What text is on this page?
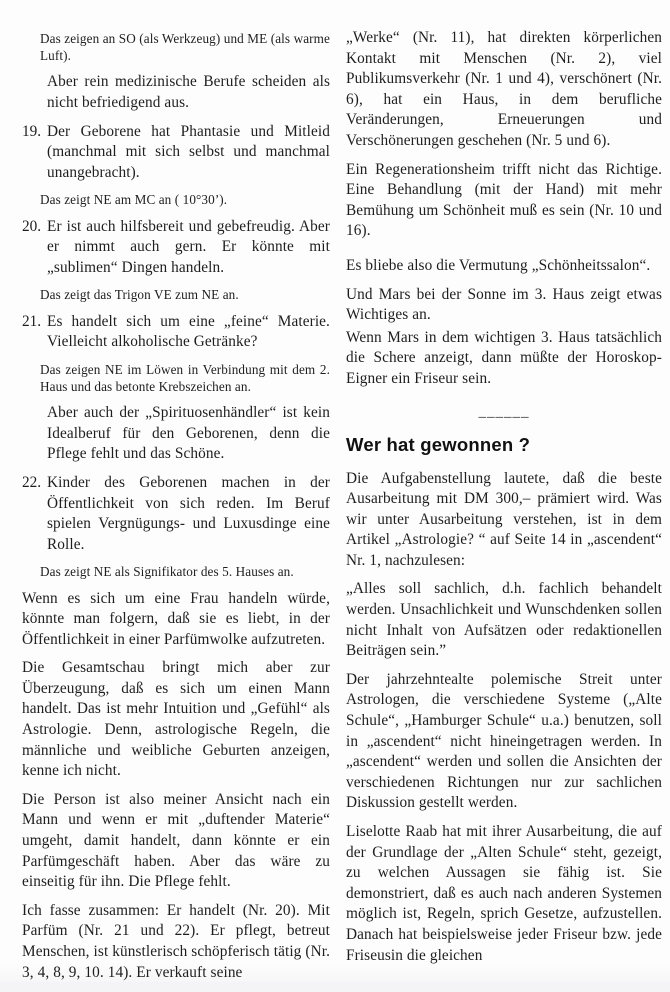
Das zeigen an SO (als Werkzeug) und ME (als warme Luft).
Aber rein medizinische Berufe scheiden als nicht befriedigend aus.
19. Der Geborene hat Phantasie und Mitleid (manchmal mit sich selbst und manchmal unangebracht).
Das zeigt NE am MC an ( 10°30’).
20. Er ist auch hilfsbereit und gebefreudig. Aber er nimmt auch gern. Er könnte mit „sublimen“ Dingen handeln.
Das zeigt das Trigon VE zum NE an.
21. Es handelt sich um eine „feine“ Materie. Vielleicht alkoholische Getränke?
Das zeigen NE im Löwen in Verbindung mit dem 2. Haus und das betonte Krebszeichen an.
Aber auch der „Spirituosenhändler“ ist kein Idealberuf für den Geborenen, denn die Pflege fehlt und das Schöne.
22. Kinder des Geborenen machen in der Öffentlichkeit von sich reden. Im Beruf spielen Vergnügungs- und Luxusdinge eine Rolle.
Das zeigt NE als Signifikator des 5. Hauses an.
Wenn es sich um eine Frau handeln würde, könnte man folgern, daß sie es liebt, in der Öffentlichkeit in einer Parfümwolke aufzutreten.
Die Gesamtschau bringt mich aber zur Überzeugung, daß es sich um einen Mann handelt. Das ist mehr Intuition und „Gefühl“ als Astrologie. Denn, astrologische Regeln, die männliche und weibliche Geburten anzeigen, kenne ich nicht.
Die Person ist also meiner Ansicht nach ein Mann und wenn er mit „duftender Materie“ umgeht, damit handelt, dann könnte er ein Parfümgeschäft haben. Aber das wäre zu einseitig für ihn. Die Pflege fehlt.
Ich fasse zusammen: Er handelt (Nr. 20). Mit Parfüm (Nr. 21 und 22). Er pflegt, betreut Menschen, ist künstlerisch schöpferisch tätig (Nr. 3, 4, 8, 9, 10. 14). Er verkauft seine
„Werke“ (Nr. 11), hat direkten körperlichen Kontakt mit Menschen (Nr. 2), viel Publikumsverkehr (Nr. 1 und 4), verschönert (Nr. 6), hat ein Haus, in dem berufliche Veränderungen, Erneuerungen und Verschönerungen geschehen (Nr. 5 und 6).
Ein Regenerationsheim trifft nicht das Richtige. Eine Behandlung (mit der Hand) mit mehr Bemühung um Schönheit muß es sein (Nr. 10 und 16).
Es bliebe also die Vermutung „Schönheitssalon“.
Und Mars bei der Sonne im 3. Haus zeigt etwas Wichtiges an.
Wenn Mars in dem wichtigen 3. Haus tatsächlich die Schere anzeigt, dann müßte der Horoskop-Eigner ein Friseur sein.
––––––
Wer hat gewonnen ?
Die Aufgabenstellung lautete, daß die beste Ausarbeitung mit DM 300,– prämiert wird. Was wir unter Ausarbeitung verstehen, ist in dem Artikel „Astrologie? “ auf Seite 14 in „ascendent“ Nr. 1, nachzulesen:
„Alles soll sachlich, d.h. fachlich behandelt werden. Unsachlichkeit und Wunschdenken sollen nicht Inhalt von Aufsätzen oder redaktionellen Beiträgen sein.”
Der jahrzehntealte polemische Streit unter Astrologen, die verschiedene Systeme („Alte Schule“, „Hamburger Schule“ u.a.) benutzen, soll in „ascendent“ nicht hineingetragen werden. In „ascendent“ werden und sollen die Ansichten der verschiedenen Richtungen nur zur sachlichen Diskussion gestellt werden.
Liselotte Raab hat mit ihrer Ausarbeitung, die auf der Grundlage der „Alten Schule“ steht, gezeigt, zu welchen Aussagen sie fähig ist. Sie demonstriert, daß es auch nach anderen Systemen möglich ist, Regeln, sprich Gesetze, aufzustellen. Danach hat beispielsweise jeder Friseur bzw. jede Friseusin die gleichen
